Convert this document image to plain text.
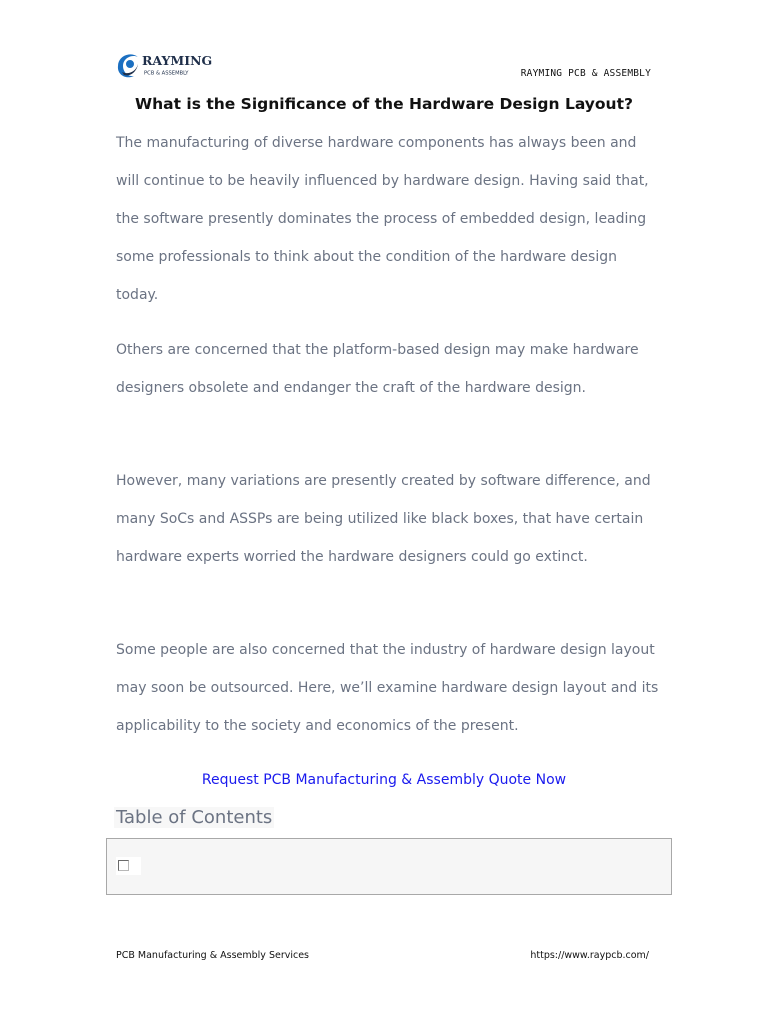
RAYMING
PCB & ASSEMBLY	RAYMING PCB & ASSEMBLY
What is the Significance of the Hardware Design Layout?
The manufacturing of diverse hardware components has always been and will continue to be heavily influenced by hardware design. Having said that, the software presently dominates the process of embedded design, leading some professionals to think about the condition of the hardware design today.
Others are concerned that the platform-based design may make hardware designers obsolete and endanger the craft of the hardware design.
However, many variations are presently created by software difference, and many SoCs and ASSPs are being utilized like black boxes, that have certain hardware experts worried the hardware designers could go extinct.
Some people are also concerned that the industry of hardware design layout may soon be outsourced. Here, we’ll examine hardware design layout and its applicability to the society and economics of the present.
Request PCB Manufacturing & Assembly Quote Now
Table of Contents
PCB Manufacturing & Assembly Services	https://www.raypcb.com/
